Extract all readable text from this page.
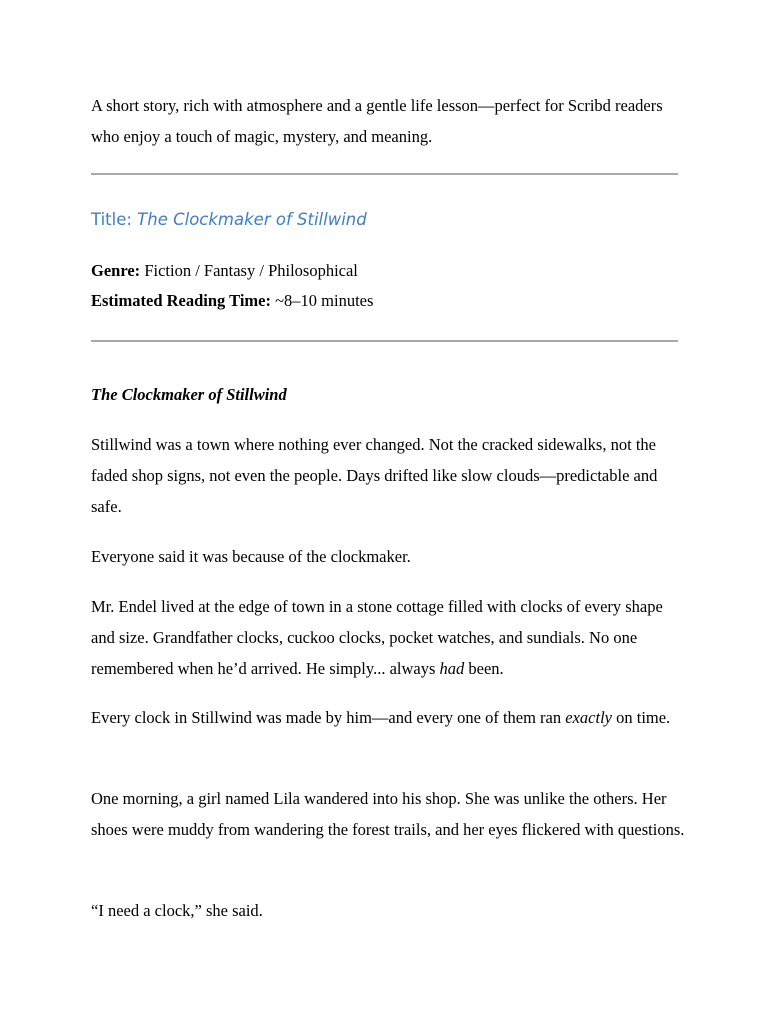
A short story, rich with atmosphere and a gentle life lesson—perfect for Scribd readers who enjoy a touch of magic, mystery, and meaning.

Title: The Clockmaker of Stillwind

Genre: Fiction / Fantasy / Philosophical

Estimated Reading Time: ~8–10 minutes

The Clockmaker of Stillwind

Stillwind was a town where nothing ever changed. Not the cracked sidewalks, not the faded shop signs, not even the people. Days drifted like slow clouds—predictable and safe.

Everyone said it was because of the clockmaker.

Mr. Endel lived at the edge of town in a stone cottage filled with clocks of every shape and size. Grandfather clocks, cuckoo clocks, pocket watches, and sundials. No one remembered when he’d arrived. He simply... always had been.

Every clock in Stillwind was made by him—and every one of them ran exactly on time.

One morning, a girl named Lila wandered into his shop. She was unlike the others. Her shoes were muddy from wandering the forest trails, and her eyes flickered with questions.

“I need a clock,” she said.
